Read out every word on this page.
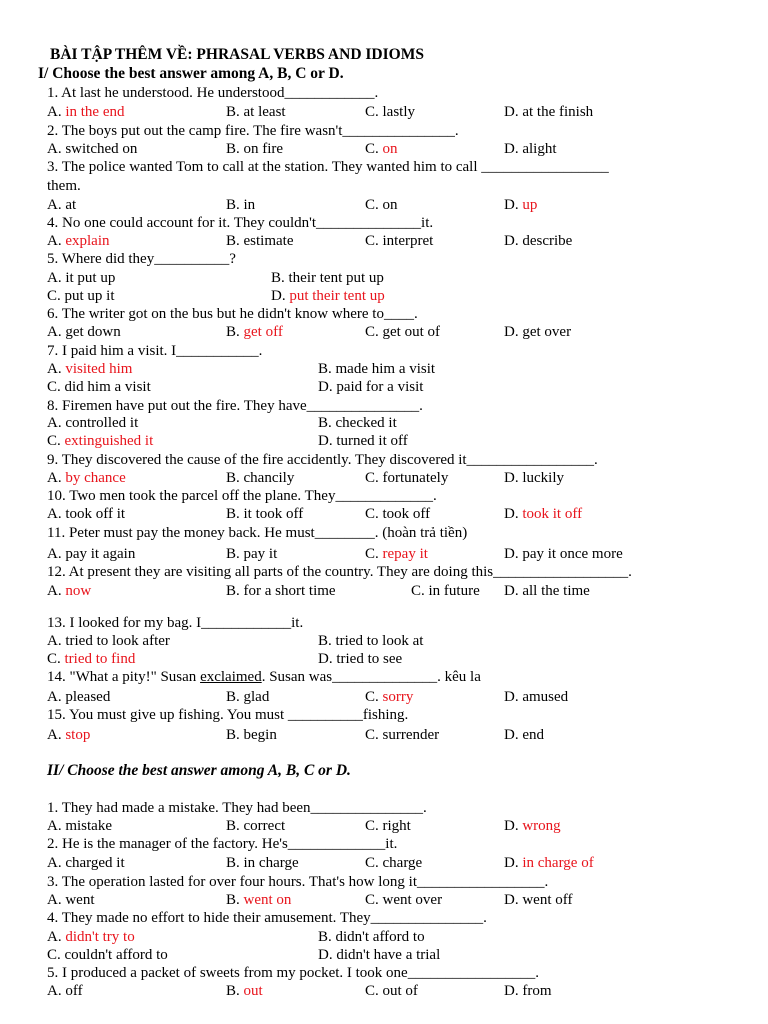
BÀI TẬP THÊM VỀ: PHRASAL VERBS AND IDIOMS
I/ Choose the best answer among A, B, C or D.
1. At last he understood. He understood____________.
A. in the end	B. at least	C. lastly	D. at the finish
2. The boys put out the camp fire. The fire wasn't_______________.
A. switched on	B. on fire	C. on	D. alight
3. The police wanted Tom to call at the station. They wanted him to call _________________
them.
A. at	B. in	C. on	D. up
4. No one could account for it. They couldn't______________it.
A. explain	B. estimate	C. interpret	D. describe
5. Where did they__________?
A. it put up	B. their tent put up
C. put up it	D. put their tent up
6. The writer got on the bus but he didn't know where to____.
A. get down	B. get off	C. get out of	D. get over
7. I paid him a visit. I___________.
A. visited him	B. made him a visit
C. did him a visit	D. paid for a visit
8. Firemen have put out the fire. They have_______________.
A. controlled it	B. checked it
C. extinguished it	D. turned it off
9. They discovered the cause of the fire accidently. They discovered it_________________.
A. by chance	B. chancily	C. fortunately	D. luckily
10. Two men took the parcel off the plane. They_____________.
A. took off it	B. it took off	C. took off	D. took it off
11. Peter must pay the money back. He must________. (hoàn trả tiền)
A. pay it again	B. pay it	C. repay it	D. pay it once more
12. At present they are visiting all parts of the country. They are doing this__________________.
A. now	B. for a short time	C. in future D. all the time
13. I looked for my bag. I____________it.
A. tried to look after	B. tried to look at
C. tried to find	D. tried to see
14. "What a pity!" Susan exclaimed. Susan was______________. kêu la
A. pleased	B. glad	C. sorry	D. amused
15. You must give up fishing. You must __________fishing.
A. stop	B. begin	C. surrender	D. end
II/ Choose the best answer among A, B, C or D.
1. They had made a mistake. They had been_______________.
A. mistake	B. correct	C. right	D. wrong
2. He is the manager of the factory. He's_____________it.
A. charged it	B. in charge	C. charge	D. in charge of
3. The operation lasted for over four hours. That's how long it_________________.
A. went	B. went on	C. went over	D. went off
4. They made no effort to hide their amusement. They_______________.
A. didn't try to	B. didn't afford to
C. couldn't afford to	D. didn't have a trial
5. I produced a packet of sweets from my pocket. I took one_________________.
A. off	B. out	C. out of	D. from
